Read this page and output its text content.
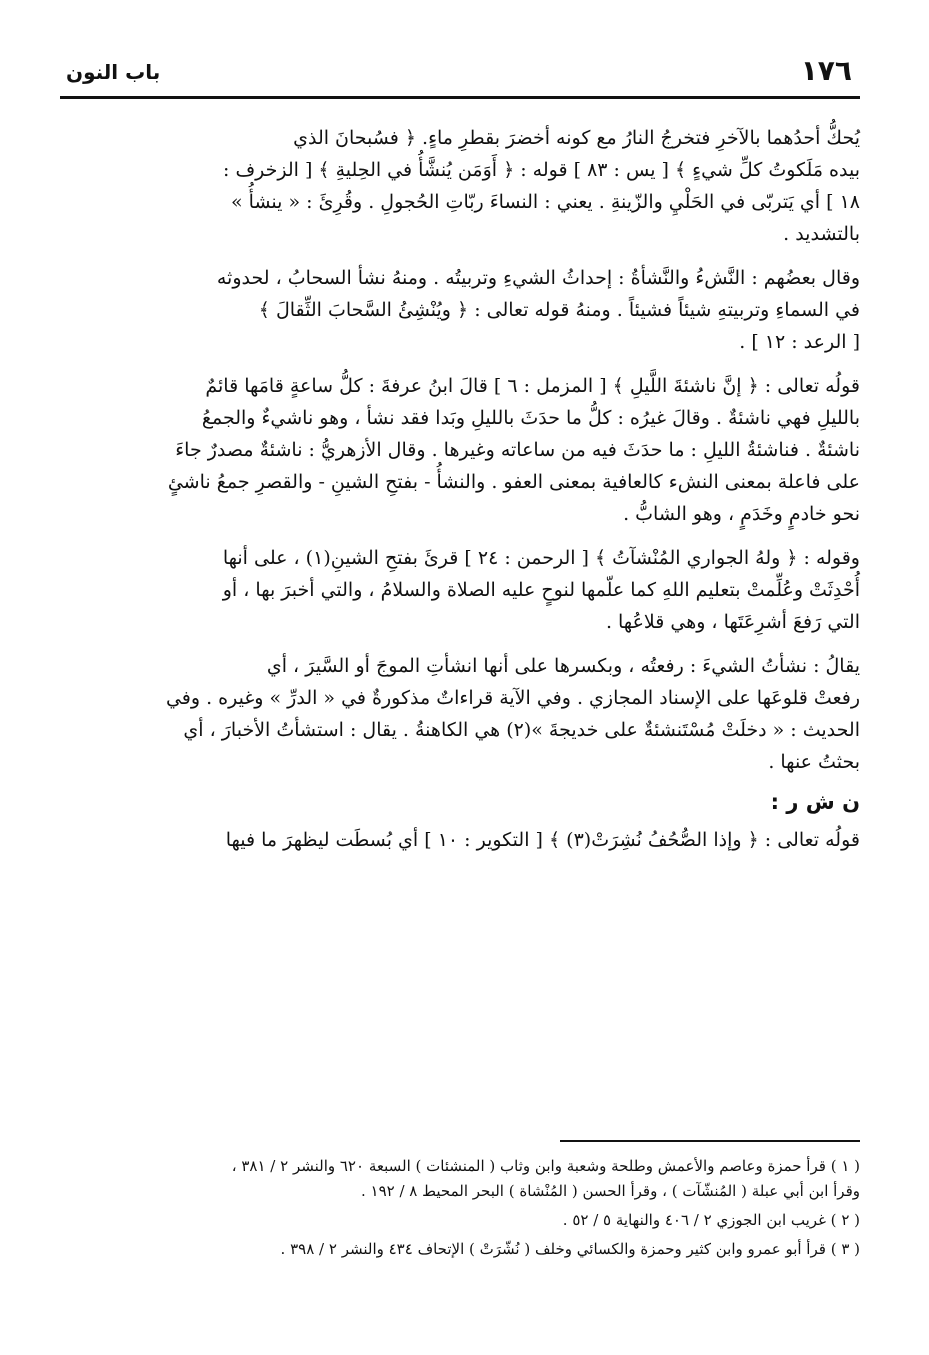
١٧٦
باب النون

يُحكُّ أحدُهما بالآخرِ فتخرجُ النارُ مع كونه أخضرَ بقطرِ ماءٍ. ﴿ فسُبحانَ الذي
بيده مَلَكوتُ كلِّ شيءٍ ﴾ [ يس : ٨٣ ] قوله : ﴿ أَوَمَن يُنشَّأُ في الحِليةِ ﴾ [ الزخرف :
١٨ ] أي يَتربّى في الحَلْيِ والزّينةِ . يعني : النساءَ ربّاتِ الحُجولِ . وقُرِئَ : « ينشأُ »
بالتشديد .

وقال بعضُهم : النَّشءُ والنَّشأةُ : إحداثُ الشيءِ وتربيتُه . ومنهُ نشأ السحابُ ، لحدوثه
في السماءِ وتربيتهِ شيئاً فشيئاً . ومنهُ قوله تعالى : ﴿ ويُنْشِئُ السَّحابَ الثِّقالَ ﴾
[ الرعد : ١٢ ] .

قولُه تعالى : ﴿ إنَّ ناشئةَ اللَّيلِ ﴾ [ المزمل : ٦ ] قالَ ابنُ عرفةَ : كلُّ ساعةٍ قامَها قائمٌ
بالليلِ فهي ناشئةٌ . وقالَ غيرُه : كلُّ ما حدَثَ بالليلِ وبَدا فقد نشأ ، وهو ناشيءٌ والجمعُ
ناشئةٌ . فناشئةُ الليلِ : ما حدَثَ فيه من ساعاته وغيرها . وقال الأزهريُّ : ناشئةٌ مصدرٌ جاءَ
على فاعلة بمعنى النشء كالعافية بمعنى العفو . والنشأُ - بفتحِ الشينِ - والقصرِ جمعُ ناشئٍ
نحو خادمٍ وخَدَمٍ ، وهو الشابُّ .

وقوله : ﴿ ولهُ الجواري المُنْشآتُ ﴾ [ الرحمن : ٢٤ ] قرئَ بفتحِ الشينِ(١) ، على أنها
أُحْدِثَتْ وعُلِّمتْ بتعليم اللهِ كما علّمها لنوحٍ عليه الصلاة والسلامُ ، والتي أخبرَ بها ، أو
التي رَفعَ أشرِعَتَها ، وهي قلاعُها .

يقالُ : نشأتُ الشيءَ : رفعتُه ، وبكسرها على أنها انشأتِ الموجَ أو السَّيرَ ، أي
رفعتْ قلوعَها على الإسناد المجازي . وفي الآية قراءاتٌ مذكورةٌ في « الدرِّ » وغيره . وفي
الحديث : « دخلَتْ مُسْتَنشئةٌ على خديجةَ »(٢) هي الكاهنةُ . يقال : استشأتُ الأخبارَ ، أي
بحثتُ عنها .

ن ش ر :

قولُه تعالى : ﴿ وإذا الصُّحُفُ نُشِرَتْ(٣) ﴾ [ التكوير : ١٠ ] أي بُسطَت ليظهرَ ما فيها

( ١ ) قرأ حمزة وعاصم والأعمش وطلحة وشعبة وابن وثاب ( المنشئات ) السبعة ٦٢٠ والنشر ٢ / ٣٨١ ،
وقرأ ابن أبي عبلة ( المُنشّآت ) ، وقرأ الحسن ( المُنْشاة ) البحر المحيط ٨ / ١٩٢ .

( ٢ ) غريب ابن الجوزي ٢ / ٤٠٦ والنهاية ٥ / ٥٢ .

( ٣ ) قرأ أبو عمرو وابن كثير وحمزة والكسائي وخلف ( نُشّرَتْ ) الإتحاف ٤٣٤ والنشر ٢ / ٣٩٨ .
